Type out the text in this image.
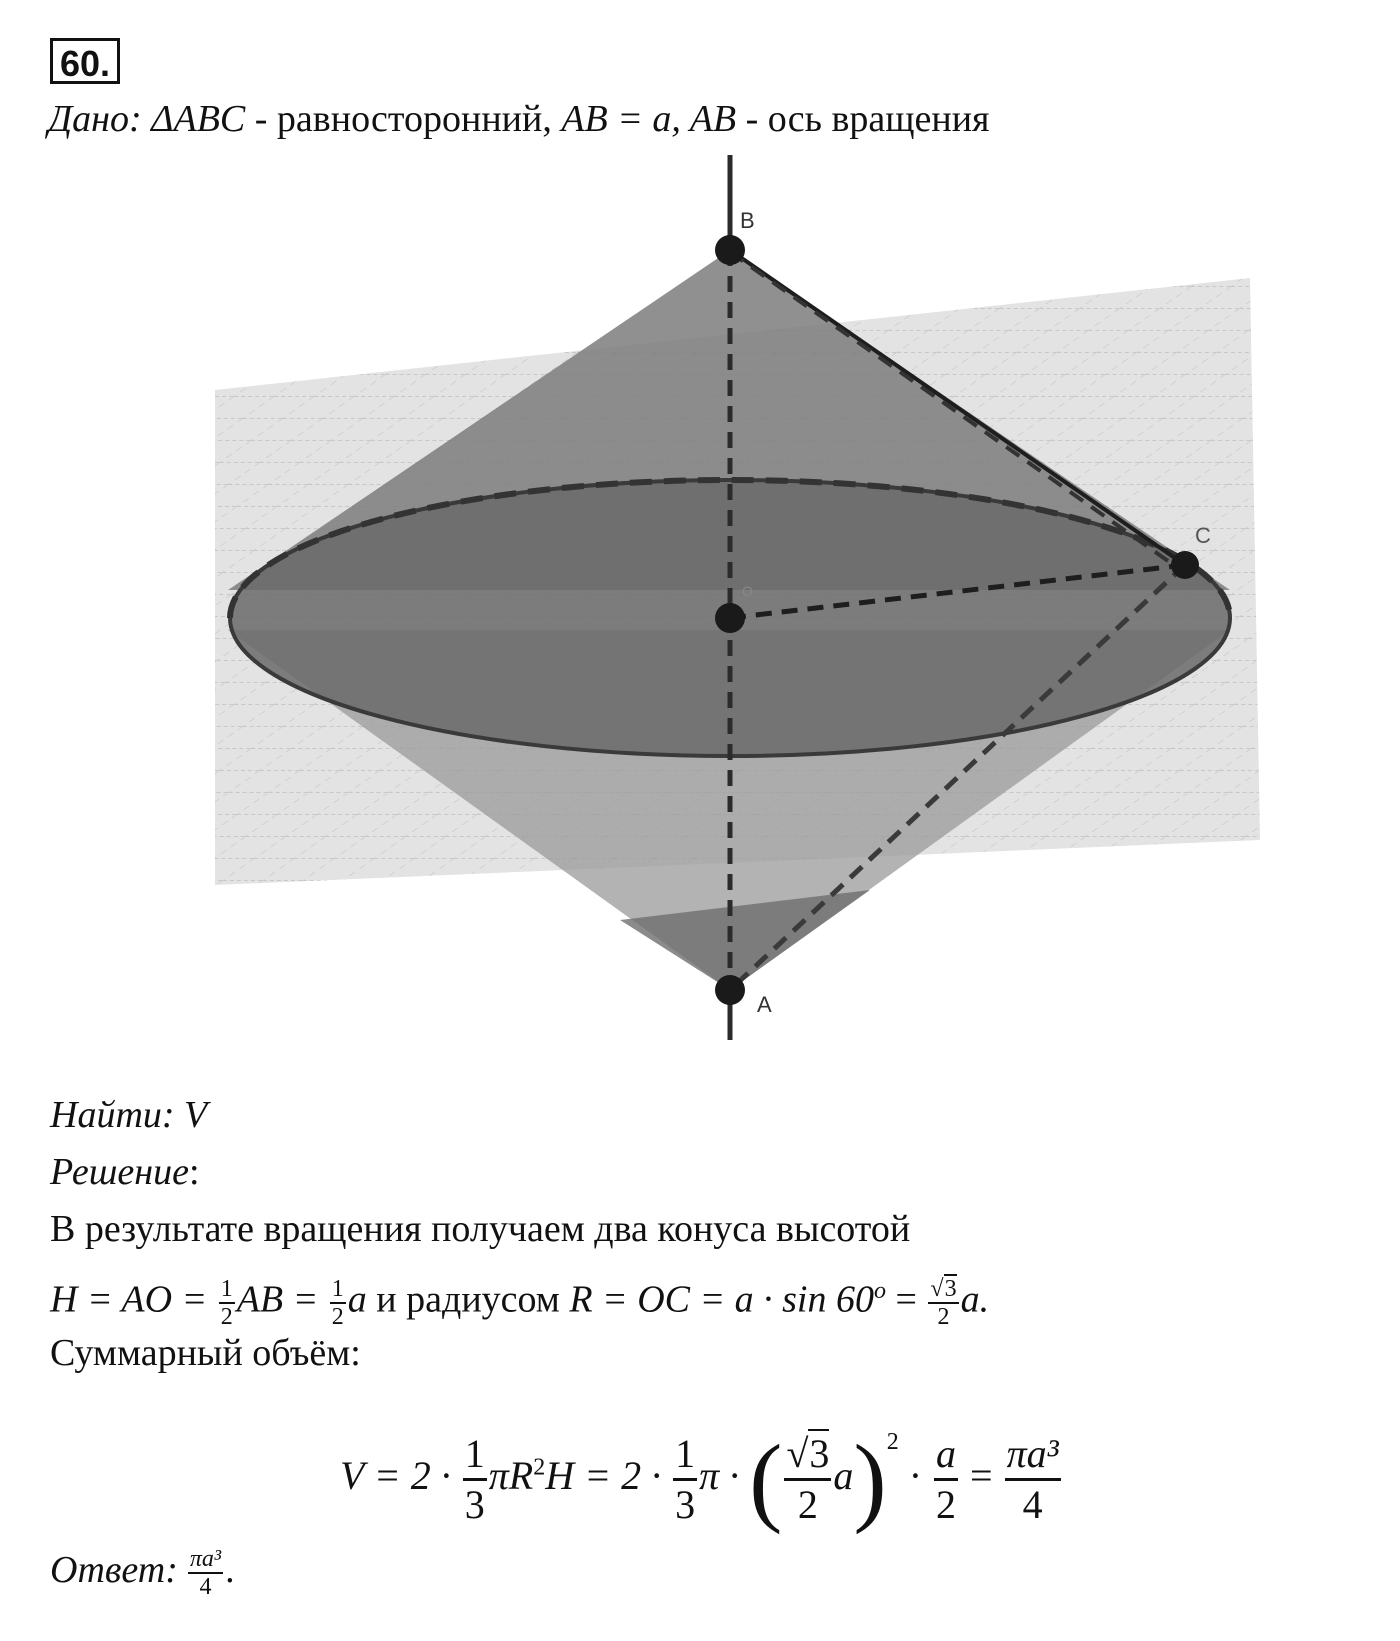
60.
Дано: ΔABC - равносторонний, AB = a, AB - ось вращения
B
C
O
A
Найти: V
Решение:
В результате вращения получаем два конуса высотой
H = AO = $\frac{1}{2}$ AB = $\frac{1}{2}$ a и радиусом R = OC = $a \cdot \sin 60^o = \frac{√3}{2} a$.
Суммарный объём:
$V = 2 \cdot \frac{1}{3} \pi R^2H = 2 \cdot \frac{1}{3}$ π · ( $\frac{√3}{2} a)^2 \cdot \frac{a}{2} = \frac{\text{πa³}}{4}$
Ответ: $\frac{\text{πa³}}{4}$ .
